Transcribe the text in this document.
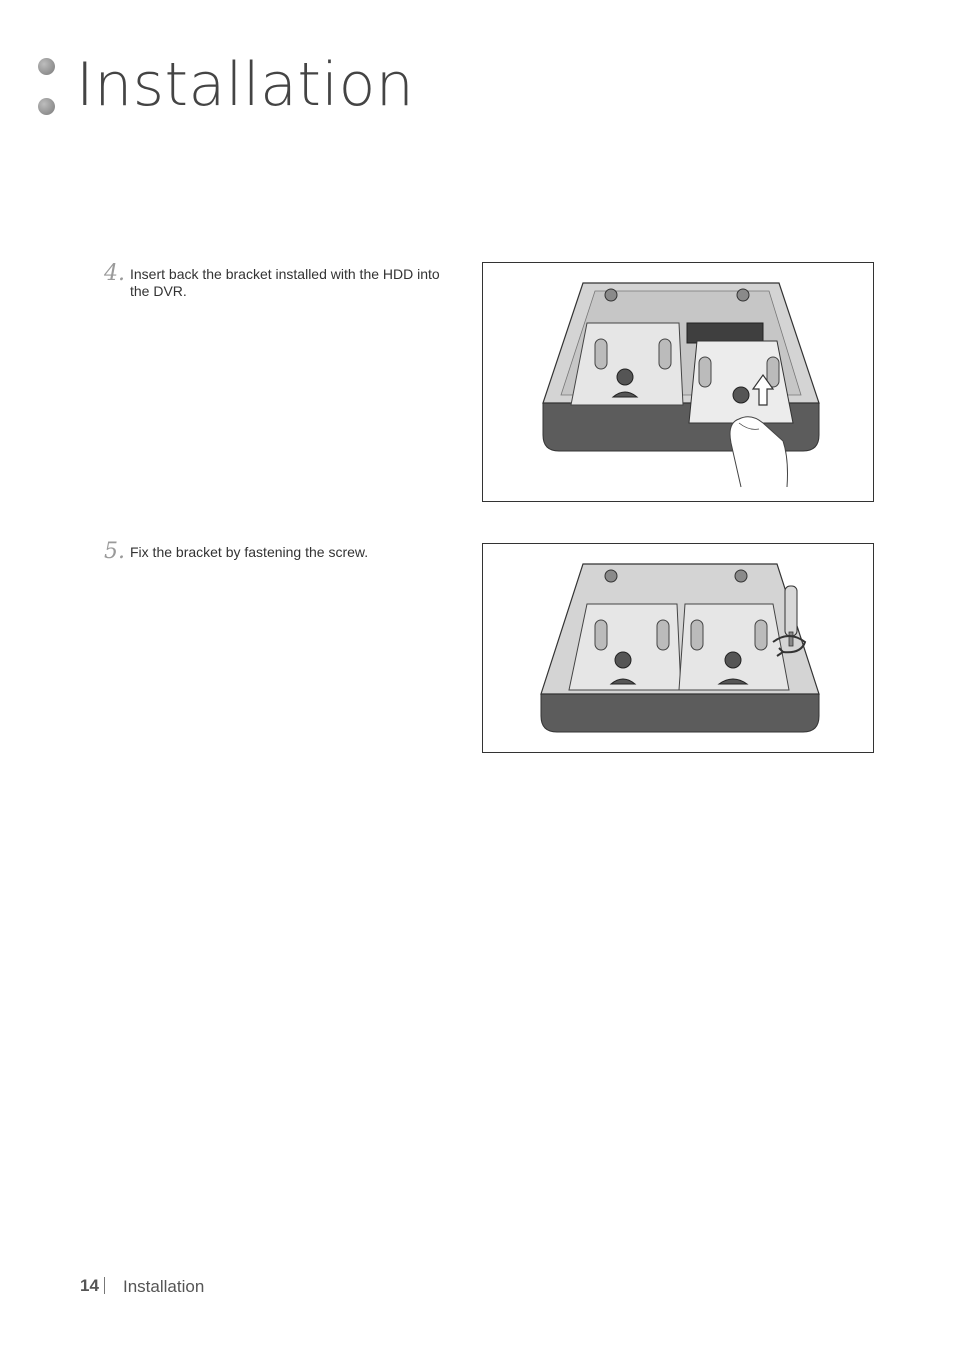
Installation
4. Insert back the bracket installed with the HDD into the DVR.
5. Fix the bracket by fastening the screw.
14 Installation
